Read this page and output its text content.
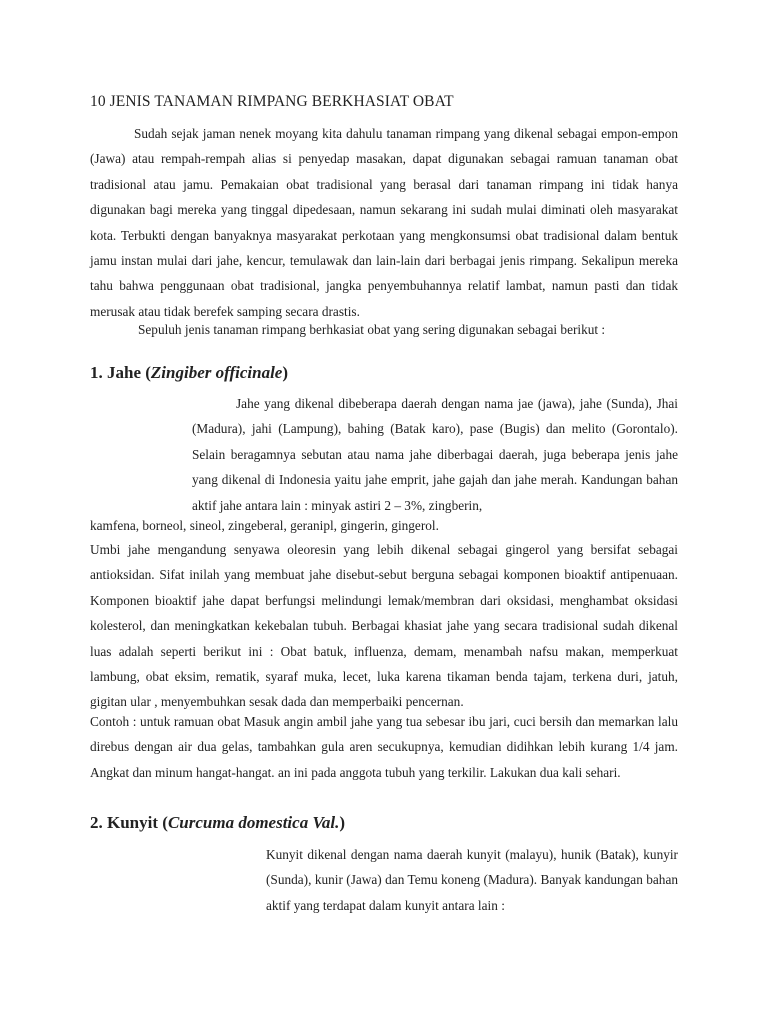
10 JENIS TANAMAN RIMPANG BERKHASIAT OBAT

Sudah sejak jaman nenek moyang kita dahulu tanaman rimpang yang dikenal sebagai empon-empon (Jawa) atau rempah-rempah alias si penyedap masakan, dapat digunakan sebagai ramuan tanaman obat tradisional atau jamu. Pemakaian obat tradisional yang berasal dari tanaman rimpang ini tidak hanya digunakan bagi mereka yang tinggal dipedesaan, namun sekarang ini sudah mulai diminati oleh masyarakat kota. Terbukti dengan banyaknya masyarakat perkotaan yang mengkonsumsi obat tradisional dalam bentuk jamu instan mulai dari jahe, kencur, temulawak dan lain-lain dari berbagai jenis rimpang. Sekalipun mereka tahu bahwa penggunaan obat tradisional, jangka penyembuhannya relatif lambat, namun pasti dan tidak merusak atau tidak berefek samping secara drastis.

Sepuluh jenis tanaman rimpang berhkasiat obat yang sering digunakan sebagai berikut :

1. Jahe (Zingiber officinale)

Jahe yang dikenal dibeberapa daerah dengan nama jae (jawa), jahe (Sunda), Jhai (Madura), jahi (Lampung), bahing (Batak karo), pase (Bugis) dan melito (Gorontalo). Selain beragamnya sebutan atau nama jahe diberbagai daerah, juga beberapa jenis jahe yang dikenal di Indonesia yaitu jahe emprit, jahe gajah dan jahe merah. Kandungan bahan aktif jahe antara lain : minyak astiri 2 – 3%, zingberin,

kamfena, borneol, sineol, zingeberal, geranipl, gingerin, gingerol.

Umbi jahe mengandung senyawa oleoresin yang lebih dikenal sebagai gingerol yang bersifat sebagai antioksidan. Sifat inilah yang membuat jahe disebut-sebut berguna sebagai komponen bioaktif antipenuaan. Komponen bioaktif jahe dapat berfungsi melindungi lemak/membran dari oksidasi, menghambat oksidasi kolesterol, dan meningkatkan kekebalan tubuh. Berbagai khasiat jahe yang secara tradisional sudah dikenal luas adalah seperti berikut ini : Obat batuk, influenza, demam, menambah nafsu makan, memperkuat lambung, obat eksim, rematik, syaraf muka, lecet, luka karena tikaman benda tajam, terkena duri, jatuh, gigitan ular , menyembuhkan sesak dada dan memperbaiki pencernan.

Contoh : untuk ramuan obat Masuk angin ambil jahe yang tua sebesar ibu jari, cuci bersih dan memarkan lalu direbus dengan air dua gelas, tambahkan gula aren secukupnya, kemudian didihkan lebih kurang 1/4 jam. Angkat dan minum hangat-hangat. an ini pada anggota tubuh yang terkilir. Lakukan dua kali sehari.

2. Kunyit (Curcuma domestica Val.)

Kunyit dikenal dengan nama daerah kunyit (malayu), hunik (Batak), kunyir (Sunda), kunir (Jawa) dan Temu koneng (Madura). Banyak kandungan bahan aktif yang terdapat dalam kunyit antara lain :
